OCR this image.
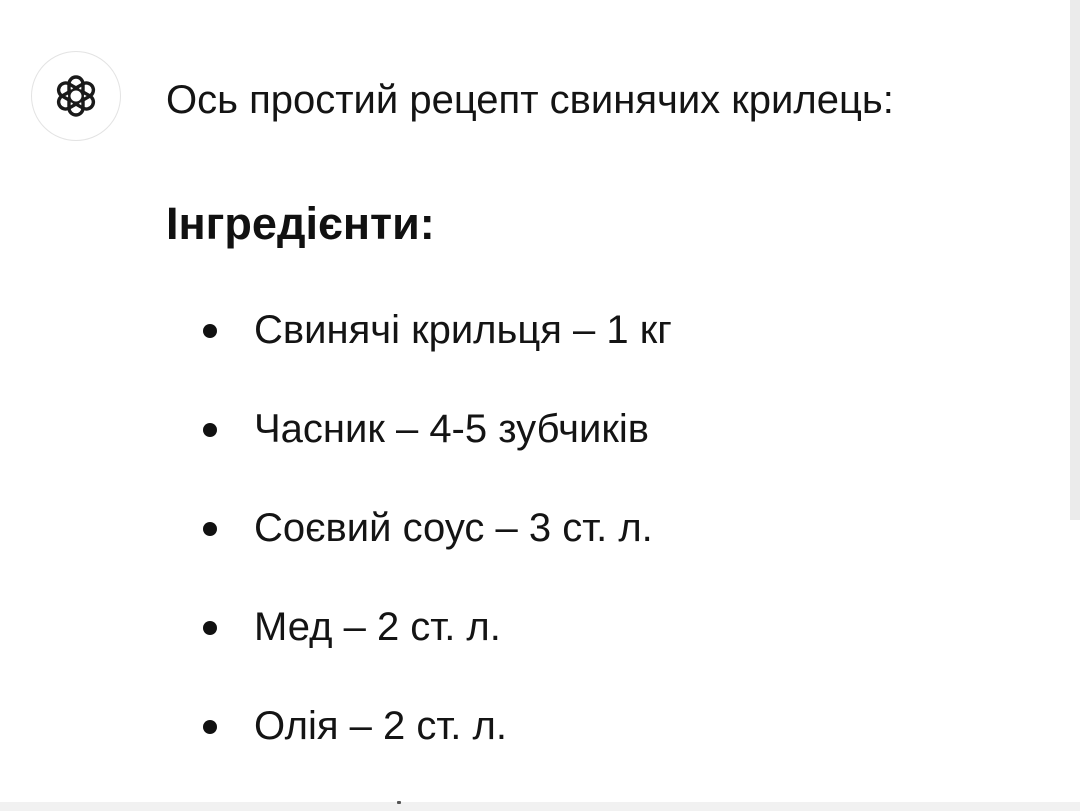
Ось простий рецепт свинячих крилець:

Інгредієнти:
Свинячі крильця – 1 кг
Часник – 4-5 зубчиків
Соєвий соус – 3 ст. л.
Мед – 2 ст. л.
Олія – 2 ст. л.
